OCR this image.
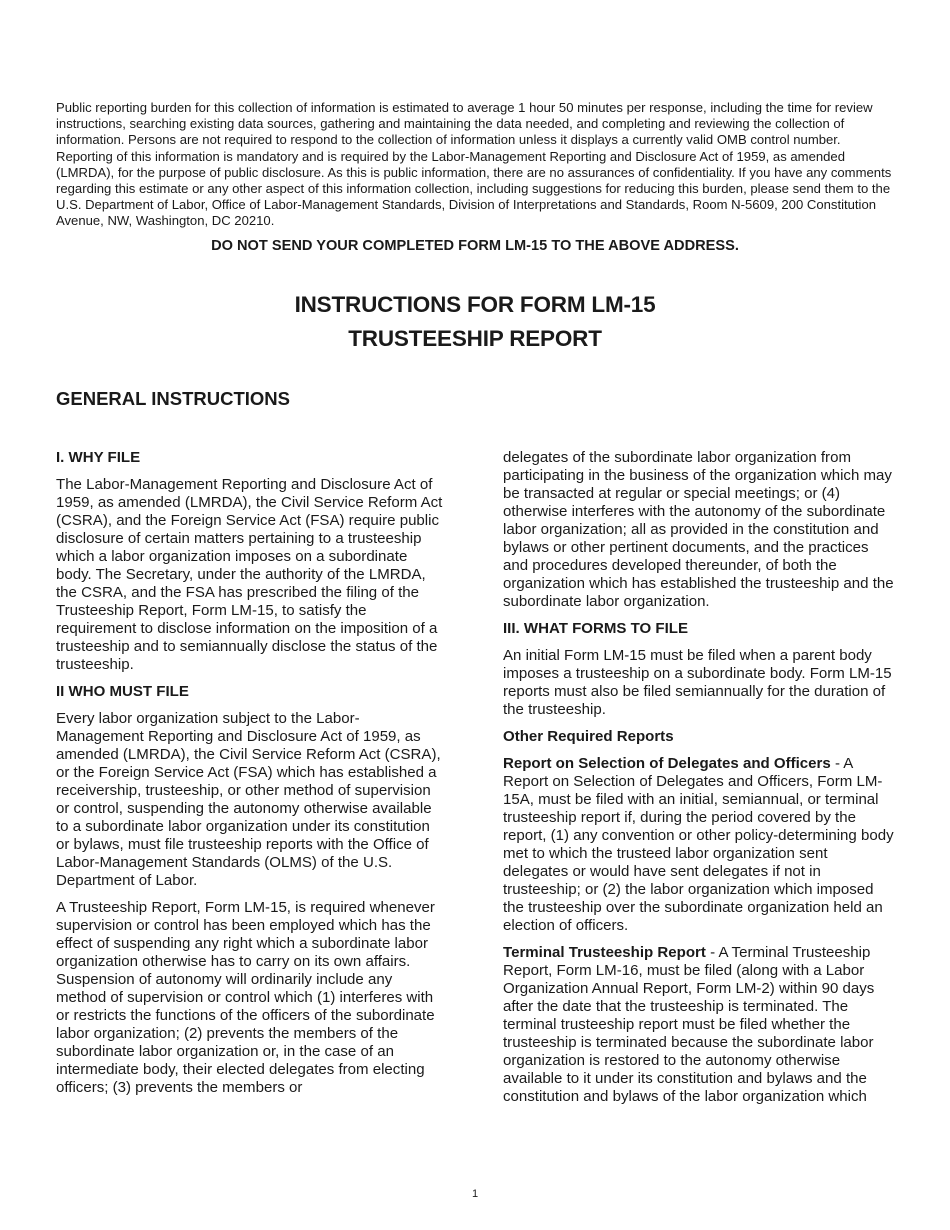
Public reporting burden for this collection of information is estimated to average 1 hour 50 minutes per response, including the time for review instructions, searching existing data sources, gathering and maintaining the data needed, and completing and reviewing the collection of information. Persons are not required to respond to the collection of information unless it displays a currently valid OMB control number. Reporting of this information is mandatory and is required by the Labor-Management Reporting and Disclosure Act of 1959, as amended (LMRDA), for the purpose of public disclosure. As this is public information, there are no assurances of confidentiality. If you have any comments regarding this estimate or any other aspect of this information collection, including suggestions for reducing this burden, please send them to the U.S. Department of Labor, Office of Labor-Management Standards, Division of Interpretations and Standards, Room N-5609, 200 Constitution Avenue, NW, Washington, DC 20210.

DO NOT SEND YOUR COMPLETED FORM LM-15 TO THE ABOVE ADDRESS.

INSTRUCTIONS FOR FORM LM-15
TRUSTEESHIP REPORT
GENERAL INSTRUCTIONS
I. WHY FILE

The Labor-Management Reporting and Disclosure Act of 1959, as amended (LMRDA), the Civil Service Reform Act (CSRA), and the Foreign Service Act (FSA) require public disclosure of certain matters pertaining to a trusteeship which a labor organization imposes on a subordinate body. The Secretary, under the authority of the LMRDA, the CSRA, and the FSA has prescribed the filing of the Trusteeship Report, Form LM-15, to satisfy the requirement to disclose information on the imposition of a trusteeship and to semiannually disclose the status of the trusteeship.

II WHO MUST FILE

Every labor organization subject to the Labor-Management Reporting and Disclosure Act of 1959, as amended (LMRDA), the Civil Service Reform Act (CSRA), or the Foreign Service Act (FSA) which has established a receivership, trusteeship, or other method of supervision or control, suspending the autonomy otherwise available to a subordinate labor organization under its constitution or bylaws, must file trusteeship reports with the Office of Labor-Management Standards (OLMS) of the U.S. Department of Labor.

A Trusteeship Report, Form LM-15, is required whenever supervision or control has been employed which has the effect of suspending any right which a subordinate labor organization otherwise has to carry on its own affairs. Suspension of autonomy will ordinarily include any method of supervision or control which (1) interferes with or restricts the functions of the officers of the subordinate labor organization; (2) prevents the members of the subordinate labor organization or, in the case of an intermediate body, their elected delegates from electing officers; (3) prevents the members or

delegates of the subordinate labor organization from participating in the business of the organization which may be transacted at regular or special meetings; or (4) otherwise interferes with the autonomy of the subordinate labor organization; all as provided in the constitution and bylaws or other pertinent documents, and the practices and procedures developed thereunder, of both the organization which has established the trusteeship and the subordinate labor organization.

III. WHAT FORMS TO FILE

An initial Form LM-15 must be filed when a parent body imposes a trusteeship on a subordinate body. Form LM-15 reports must also be filed semiannually for the duration of the trusteeship.

Other Required Reports

Report on Selection of Delegates and Officers - A Report on Selection of Delegates and Officers, Form LM-15A, must be filed with an initial, semiannual, or terminal trusteeship report if, during the period covered by the report, (1) any convention or other policy-determining body met to which the trusteed labor organization sent delegates or would have sent delegates if not in trusteeship; or (2) the labor organization which imposed the trusteeship over the subordinate organization held an election of officers.

Terminal Trusteeship Report - A Terminal Trusteeship Report, Form LM-16, must be filed (along with a Labor Organization Annual Report, Form LM-2) within 90 days after the date that the trusteeship is terminated. The terminal trusteeship report must be filed whether the trusteeship is terminated because the subordinate labor organization is restored to the autonomy otherwise available to it under its constitution and bylaws and the constitution and bylaws of the labor organization which

1
